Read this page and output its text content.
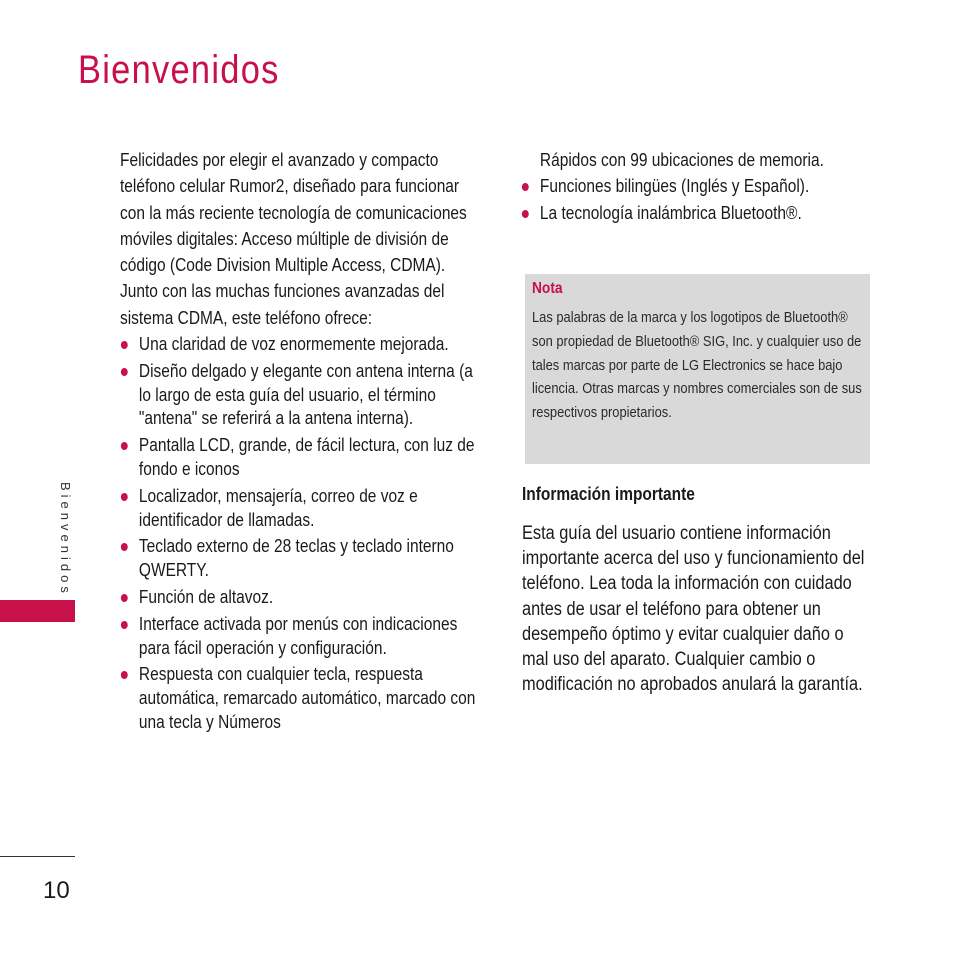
Bienvenidos
Bienvenidos
10

Felicidades por elegir el avanzado y compacto teléfono celular Rumor2, diseñado para funcionar con la más reciente tecnología de comunicaciones móviles digitales: Acceso múltiple de división de código (Code Division Multiple Access, CDMA). Junto con las muchas funciones avanzadas del sistema CDMA, este teléfono ofrece:

Una claridad de voz enormemente mejorada.
Diseño delgado y elegante con antena interna (a lo largo de esta guía del usuario, el término "antena" se referirá a la antena interna).
Pantalla LCD, grande, de fácil lectura, con luz de fondo e iconos
Localizador, mensajería, correo de voz e identificador de llamadas.
Teclado externo de 28 teclas y teclado interno QWERTY.
Función de altavoz.
Interface activada por menús con indicaciones para fácil operación y configuración.
Respuesta con cualquier tecla, respuesta automática, remarcado automático, marcado con una tecla y Números

Rápidos con 99 ubicaciones de memoria.

Funciones bilingües (Inglés y Español).
La tecnología inalámbrica Bluetooth®.
Nota
Las palabras de la marca y los logotipos de Bluetooth® son propiedad de Bluetooth® SIG, Inc. y cualquier uso de tales marcas por parte de LG Electronics se hace bajo licencia. Otras marcas y nombres comerciales son de sus respectivos propietarios.
Información importante
Esta guía del usuario contiene información importante acerca del uso y funcionamiento del teléfono. Lea toda la información con cuidado antes de usar el teléfono para obtener un desempeño óptimo y evitar cualquier daño o mal uso del aparato. Cualquier cambio o modificación no aprobados anulará la garantía.
